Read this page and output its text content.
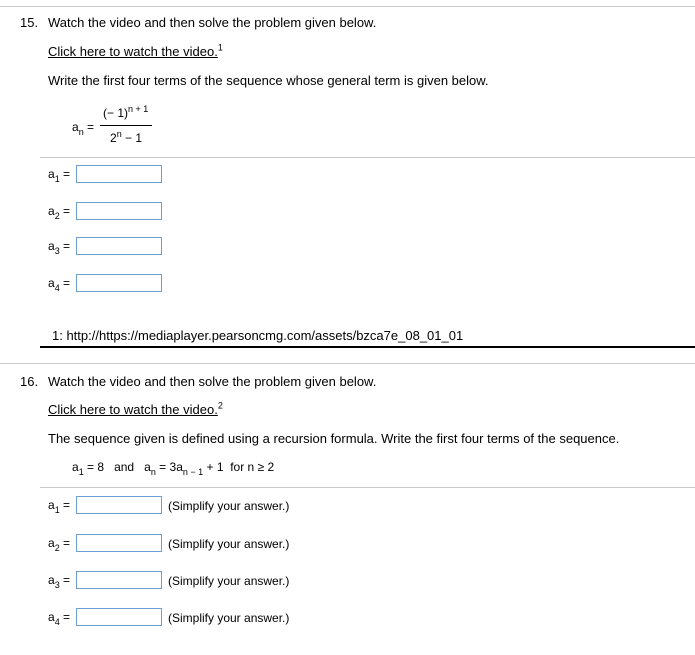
15. Watch the video and then solve the problem given below.
Click here to watch the video.$^1$
Write the first four terms of the sequence whose general term is given below.
$a_n$ =
(− 1)$^{n + 1}$
$2^n - 1$
$a_1$ =
$a_2$ =
$a_3$ =
$a_4$ =
1: http://https://mediaplayer.pearsoncmg.com/assets/bzca7e_08_01_01
16. Watch the video and then solve the problem given below.
Click here to watch the video.$^2$
The sequence given is defined using a recursion formula. Write the first four terms of the sequence.
$a_1 = 8$ and $a_n = 3a_{n - 1} + 1$ for n ≥ 2
$a_1$ =	(Simplify your answer.)
$a_2$ =	(Simplify your answer.)
$a_3$ =	(Simplify your answer.)
$a_4$ =	(Simplify your answer.)
